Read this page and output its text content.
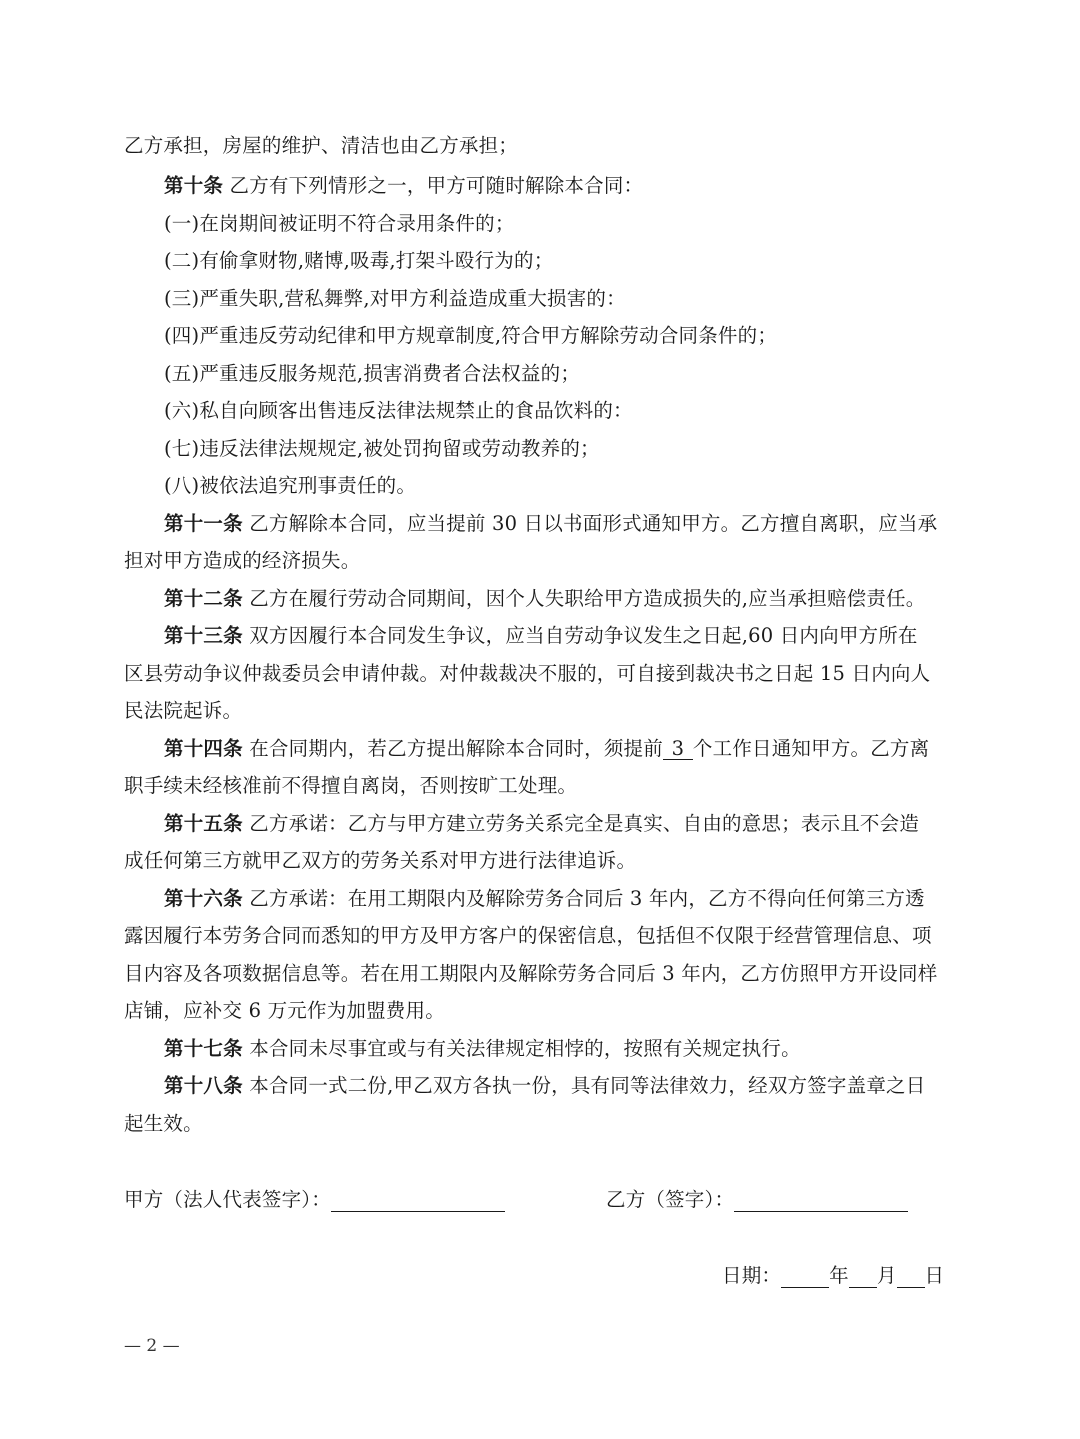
乙方承担，房屋的维护、清洁也由乙方承担；
第十条 乙方有下列情形之一，甲方可随时解除本合同：
(一)在岗期间被证明不符合录用条件的；
(二)有偷拿财物,赌博,吸毒,打架斗殴行为的；
(三)严重失职,营私舞弊,对甲方利益造成重大损害的：
(四)严重违反劳动纪律和甲方规章制度,符合甲方解除劳动合同条件的；
(五)严重违反服务规范,损害消费者合法权益的；
(六)私自向顾客出售违反法律法规禁止的食品饮料的：
(七)违反法律法规规定,被处罚拘留或劳动教养的；
(八)被依法追究刑事责任的。
第十一条 乙方解除本合同，应当提前 30 日以书面形式通知甲方。乙方擅自离职，应当承
担对甲方造成的经济损失。
第十二条 乙方在履行劳动合同期间，因个人失职给甲方造成损失的,应当承担赔偿责任。
第十三条 双方因履行本合同发生争议，应当自劳动争议发生之日起,60 日内向甲方所在
区县劳动争议仲裁委员会申请仲裁。对仲裁裁决不服的，可自接到裁决书之日起 15 日内向人
民法院起诉。
第十四条 在合同期内，若乙方提出解除本合同时，须提前 3 个工作日通知甲方。乙方离
职手续未经核准前不得擅自离岗，否则按旷工处理。
第十五条 乙方承诺：乙方与甲方建立劳务关系完全是真实、自由的意思；表示且不会造
成任何第三方就甲乙双方的劳务关系对甲方进行法律追诉。
第十六条 乙方承诺：在用工期限内及解除劳务合同后 3 年内，乙方不得向任何第三方透
露因履行本劳务合同而悉知的甲方及甲方客户的保密信息，包括但不仅限于经营管理信息、项
目内容及各项数据信息等。若在用工期限内及解除劳务合同后 3 年内，乙方仿照甲方开设同样
店铺，应补交 6 万元作为加盟费用。
第十七条 本合同未尽事宜或与有关法律规定相悖的，按照有关规定执行。
第十八条 本合同一式二份,甲乙双方各执一份，具有同等法律效力，经双方签字盖章之日
起生效。
甲方（法人代表签字）：	乙方（签字）：
日期： 年 月 日
— 2 —
